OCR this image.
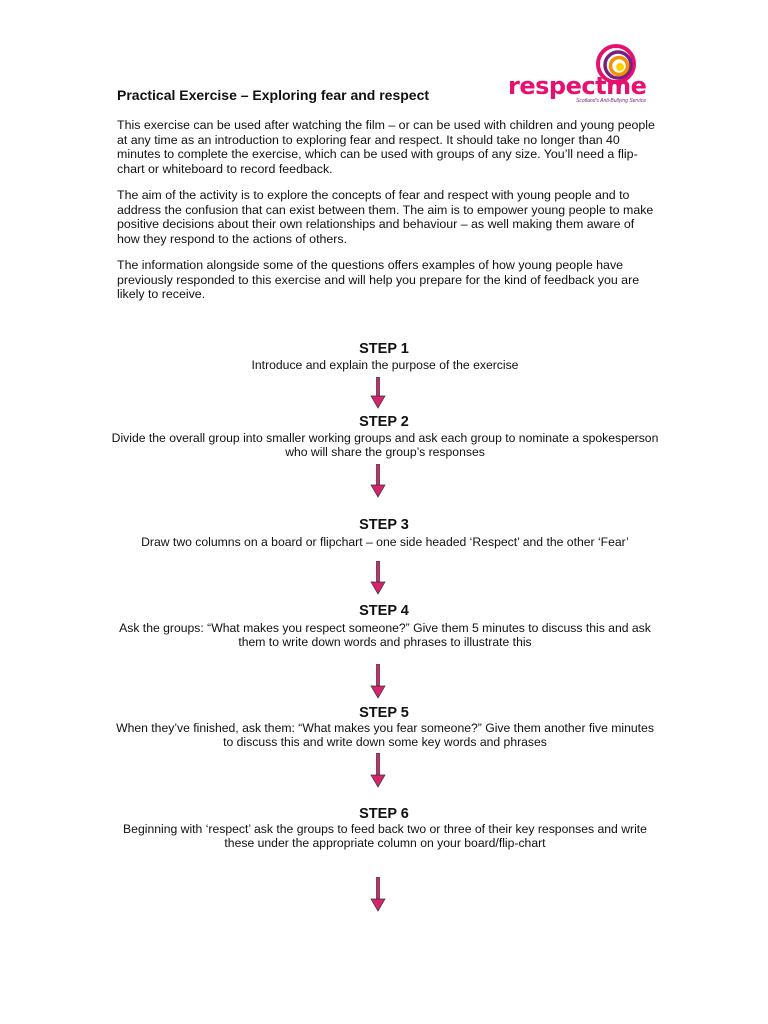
Practical Exercise – Exploring fear and respect	respectme
Scotland's Anti-Bullying Service

This exercise can be used after watching the film – or can be used with children and young people at any time as an introduction to exploring fear and respect. It should take no longer than 40 minutes to complete the exercise, which can be used with groups of any size. You’ll need a flip-chart or whiteboard to record feedback.

The aim of the activity is to explore the concepts of fear and respect with young people and to address the confusion that can exist between them. The aim is to empower young people to make positive decisions about their own relationships and behaviour – as well making them aware of how they respond to the actions of others.

The information alongside some of the questions offers examples of how young people have previously responded to this exercise and will help you prepare for the kind of feedback you are likely to receive.

STEP 1

Introduce and explain the purpose of the exercise

STEP 2

Divide the overall group into smaller working groups and ask each group to nominate a spokesperson who will share the group’s responses

STEP 3

Draw two columns on a board or flipchart – one side headed ‘Respect’ and the other ‘Fear’

STEP 4

Ask the groups: “What makes you respect someone?” Give them 5 minutes to discuss this and ask them to write down words and phrases to illustrate this

STEP 5

When they’ve finished, ask them: “What makes you fear someone?” Give them another five minutes to discuss this and write down some key words and phrases

STEP 6

Beginning with ‘respect’ ask the groups to feed back two or three of their key responses and write these under the appropriate column on your board/flip-chart
